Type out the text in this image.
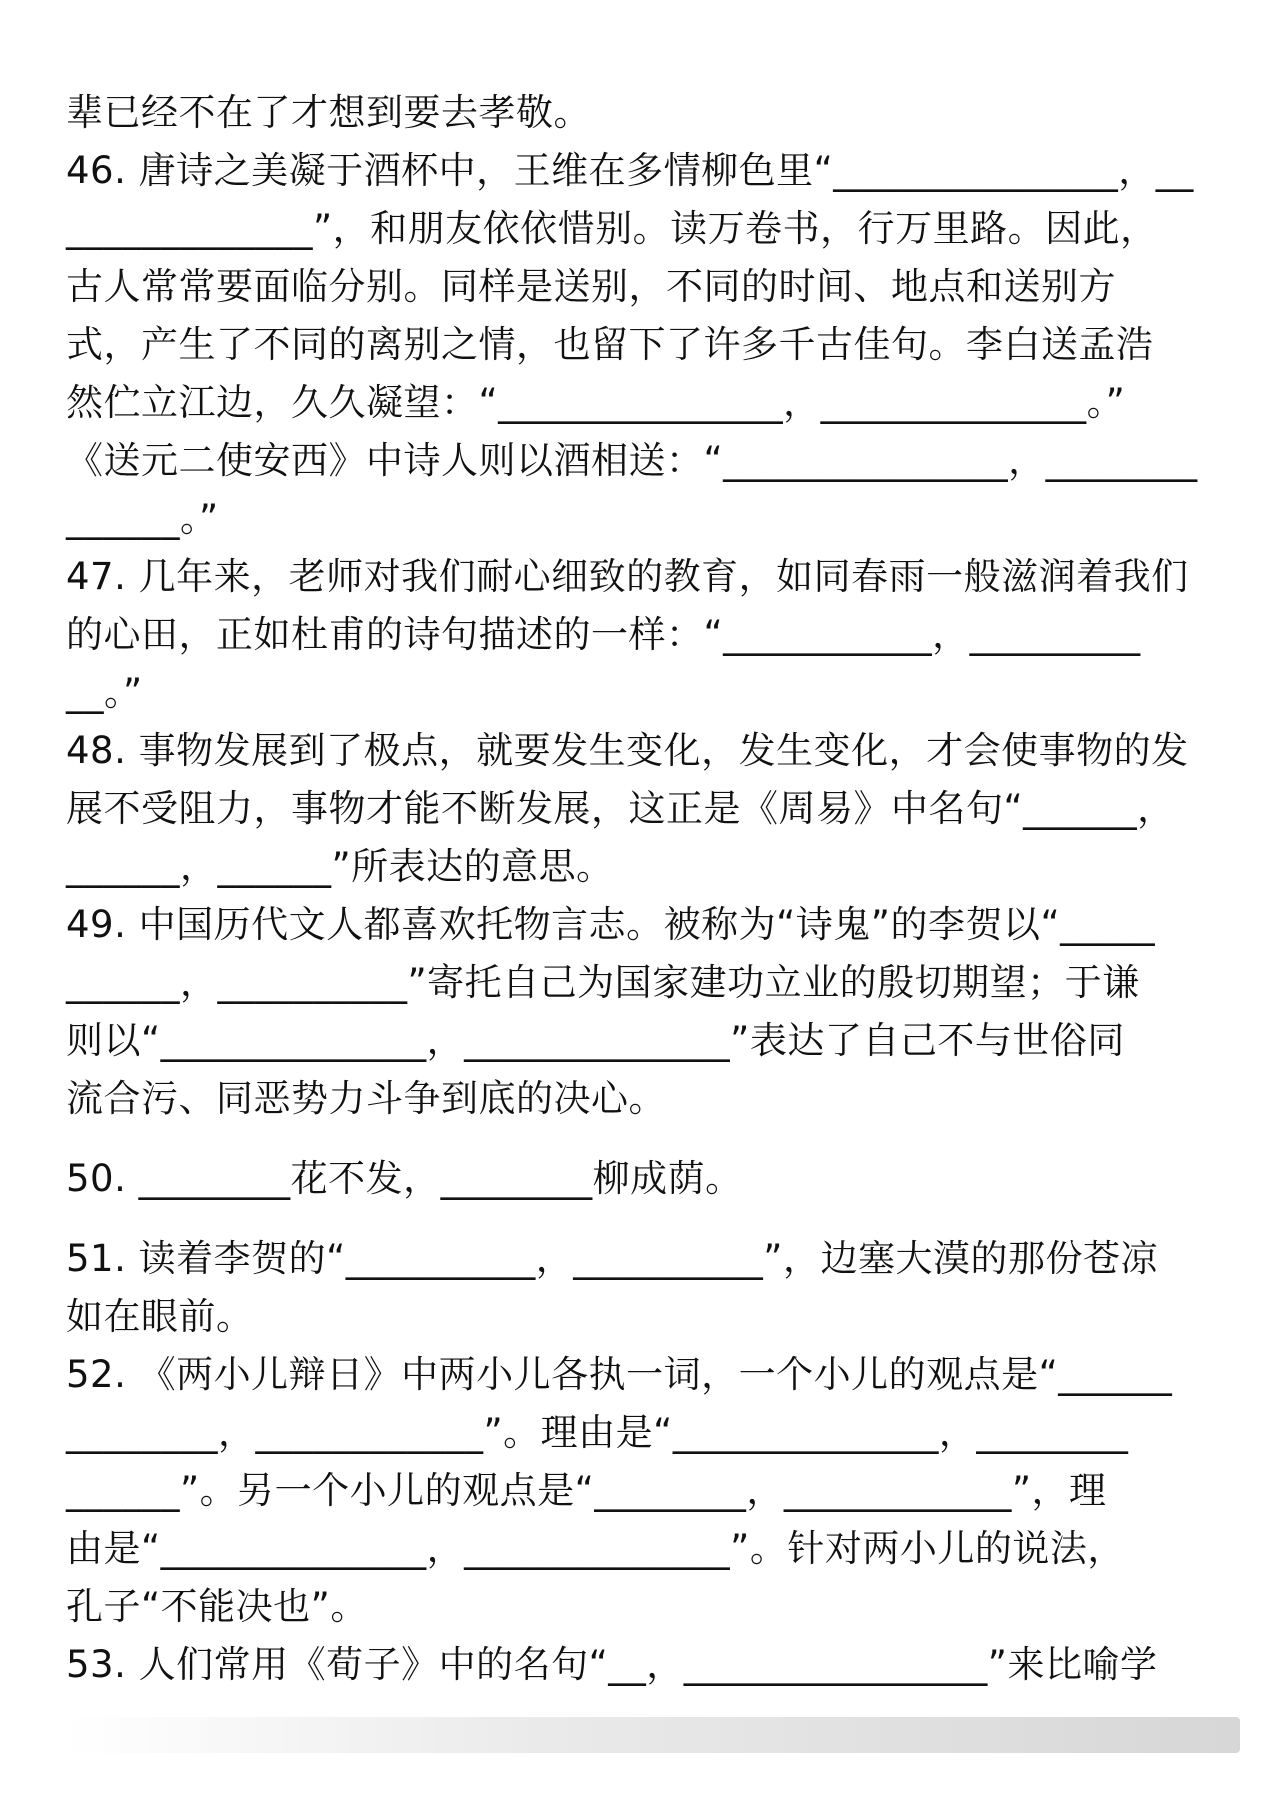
辈已经不在了才想到要去孝敬。
46. 唐诗之美凝于酒杯中，王维在多情柳色里“_______________，__
_____________”，和朋友依依惜别。读万卷书，行万里路。因此，
古人常常要面临分别。同样是送别，不同的时间、地点和送别方
式，产生了不同的离别之情，也留下了许多千古佳句。李白送孟浩
然伫立江边，久久凝望：“_______________，______________。”
《送元二使安西》中诗人则以酒相送：“_______________，________
______。”
47. 几年来，老师对我们耐心细致的教育，如同春雨一般滋润着我们
的心田，正如杜甫的诗句描述的一样：“___________，_________
__。”
48. 事物发展到了极点，就要发生变化，发生变化，才会使事物的发
展不受阻力，事物才能不断发展，这正是《周易》中名句“______，
______，______”所表达的意思。
49. 中国历代文人都喜欢托物言志。被称为“诗鬼”的李贺以“_____
______，__________”寄托自己为国家建功立业的殷切期望；于谦
则以“______________，______________”表达了自己不与世俗同
流合污、同恶势力斗争到底的决心。
50. ________花不发，________柳成荫。
51. 读着李贺的“__________，__________”，边塞大漠的那份苍凉
如在眼前。
52. 《两小儿辩日》中两小儿各执一词，一个小儿的观点是“______
________，____________”。理由是“______________，________
______”。另一个小儿的观点是“________，____________”，理
由是“______________，______________”。针对两小儿的说法，
孔子“不能决也”。
53. 人们常用《荀子》中的名句“__，________________”来比喻学
